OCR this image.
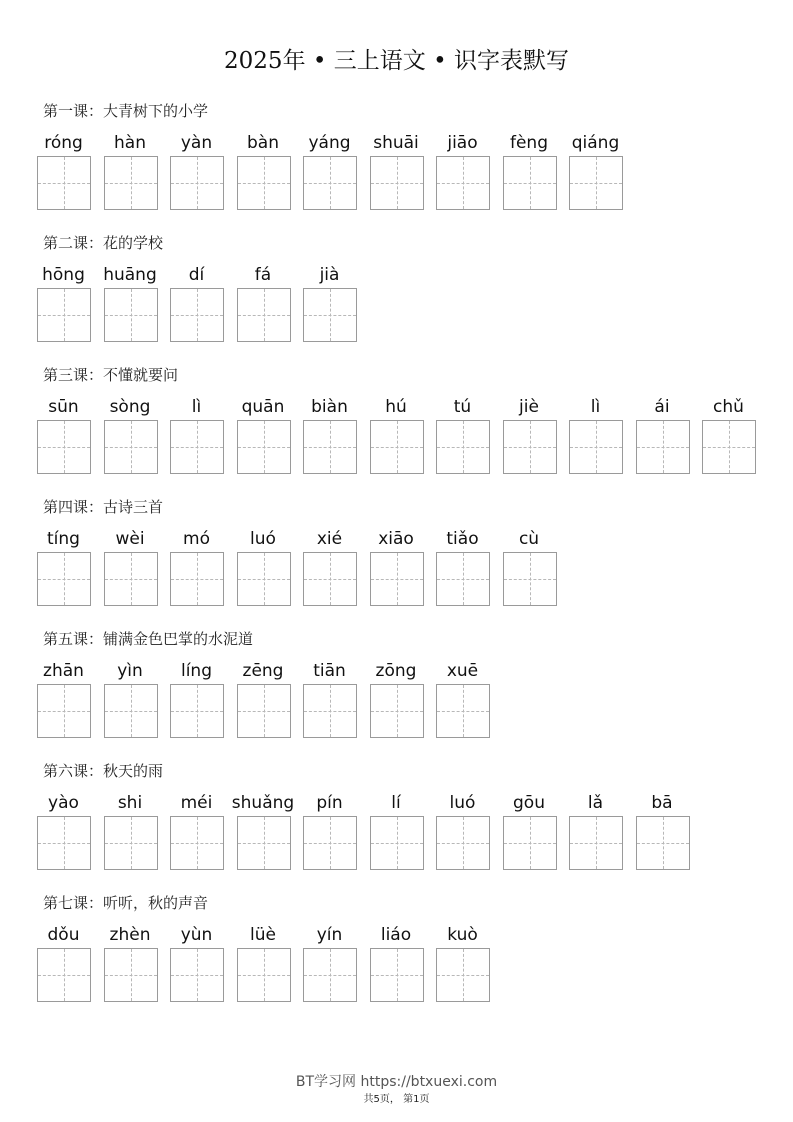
2025年 • 三上语文 • 识字表默写
第一课：大青树下的小学
róng	hàn	yàn	bàn	yáng	shuāi	jiāo	fèng	qiáng
第二课：花的学校
hōng	huāng	dí	fá	jià
第三课：不懂就要问
sūn	sòng	lì	quān	biàn	hú	tú	jiè	lì	ái	chǔ
第四课：古诗三首
tíng	wèi	mó	luó	xié	xiāo	tiǎo	cù
第五课：铺满金色巴掌的水泥道
zhān	yìn	líng	zēng	tiān	zōng	xuē
第六课：秋天的雨
yào	shi	méi	shuǎng	pín	lí	luó	gōu	lǎ	bā
第七课：听听，秋的声音
dǒu	zhèn	yùn	lüè	yín	liáo	kuò
BT学习网 https://btxuexi.com
共5页， 第1页
